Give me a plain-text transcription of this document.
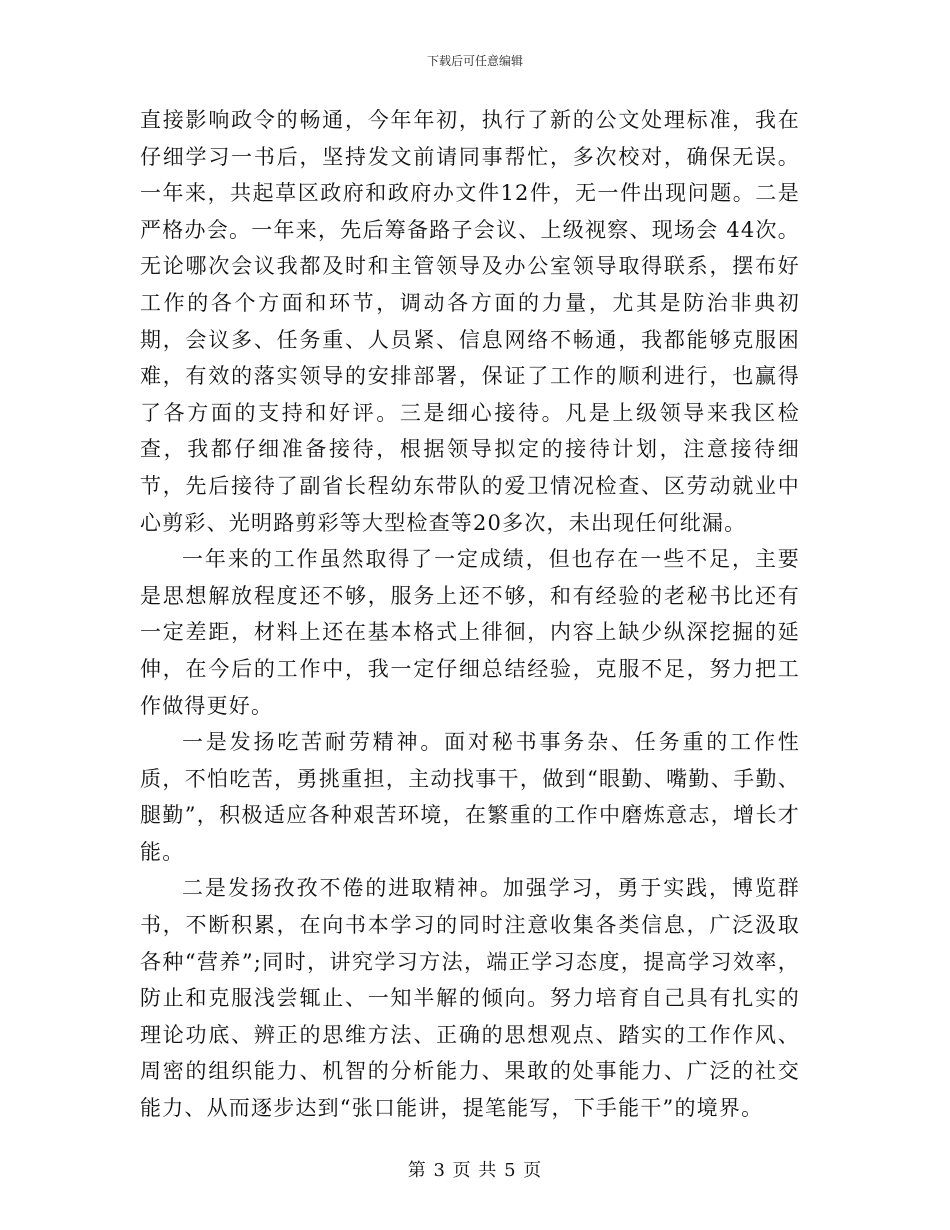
下载后可任意编辑

直接影响政令的畅通，今年年初，执行了新的公文处理标准，我在仔细学习一书后，坚持发文前请同事帮忙，多次校对，确保无误。一年来，共起草区政府和政府办文件12件，无一件出现问题。二是严格办会。一年来，先后筹备路子会议、上级视察、现场会 44次。无论哪次会议我都及时和主管领导及办公室领导取得联系，摆布好工作的各个方面和环节，调动各方面的力量，尤其是防治非典初期，会议多、任务重、人员紧、信息网络不畅通，我都能够克服困难，有效的落实领导的安排部署，保证了工作的顺利进行，也赢得了各方面的支持和好评。三是细心接待。凡是上级领导来我区检查，我都仔细准备接待，根据领导拟定的接待计划，注意接待细节，先后接待了副省长程幼东带队的爱卫情况检查、区劳动就业中心剪彩、光明路剪彩等大型检查等20多次，未出现任何纰漏。

一年来的工作虽然取得了一定成绩，但也存在一些不足，主要是思想解放程度还不够，服务上还不够，和有经验的老秘书比还有一定差距，材料上还在基本格式上徘徊，内容上缺少纵深挖掘的延伸，在今后的工作中，我一定仔细总结经验，克服不足，努力把工作做得更好。

一是发扬吃苦耐劳精神。面对秘书事务杂、任务重的工作性质，不怕吃苦，勇挑重担，主动找事干，做到“眼勤、嘴勤、手勤、腿勤”，积极适应各种艰苦环境，在繁重的工作中磨炼意志，增长才能。

二是发扬孜孜不倦的进取精神。加强学习，勇于实践，博览群书，不断积累，在向书本学习的同时注意收集各类信息，广泛汲取各种“营养”;同时，讲究学习方法，端正学习态度，提高学习效率，防止和克服浅尝辄止、一知半解的倾向。努力培育自己具有扎实的理论功底、辨正的思维方法、正确的思想观点、踏实的工作作风、周密的组织能力、机智的分析能力、果敢的处事能力、广泛的社交能力、从而逐步达到“张口能讲，提笔能写，下手能干”的境界。

第 3 页 共 5 页
